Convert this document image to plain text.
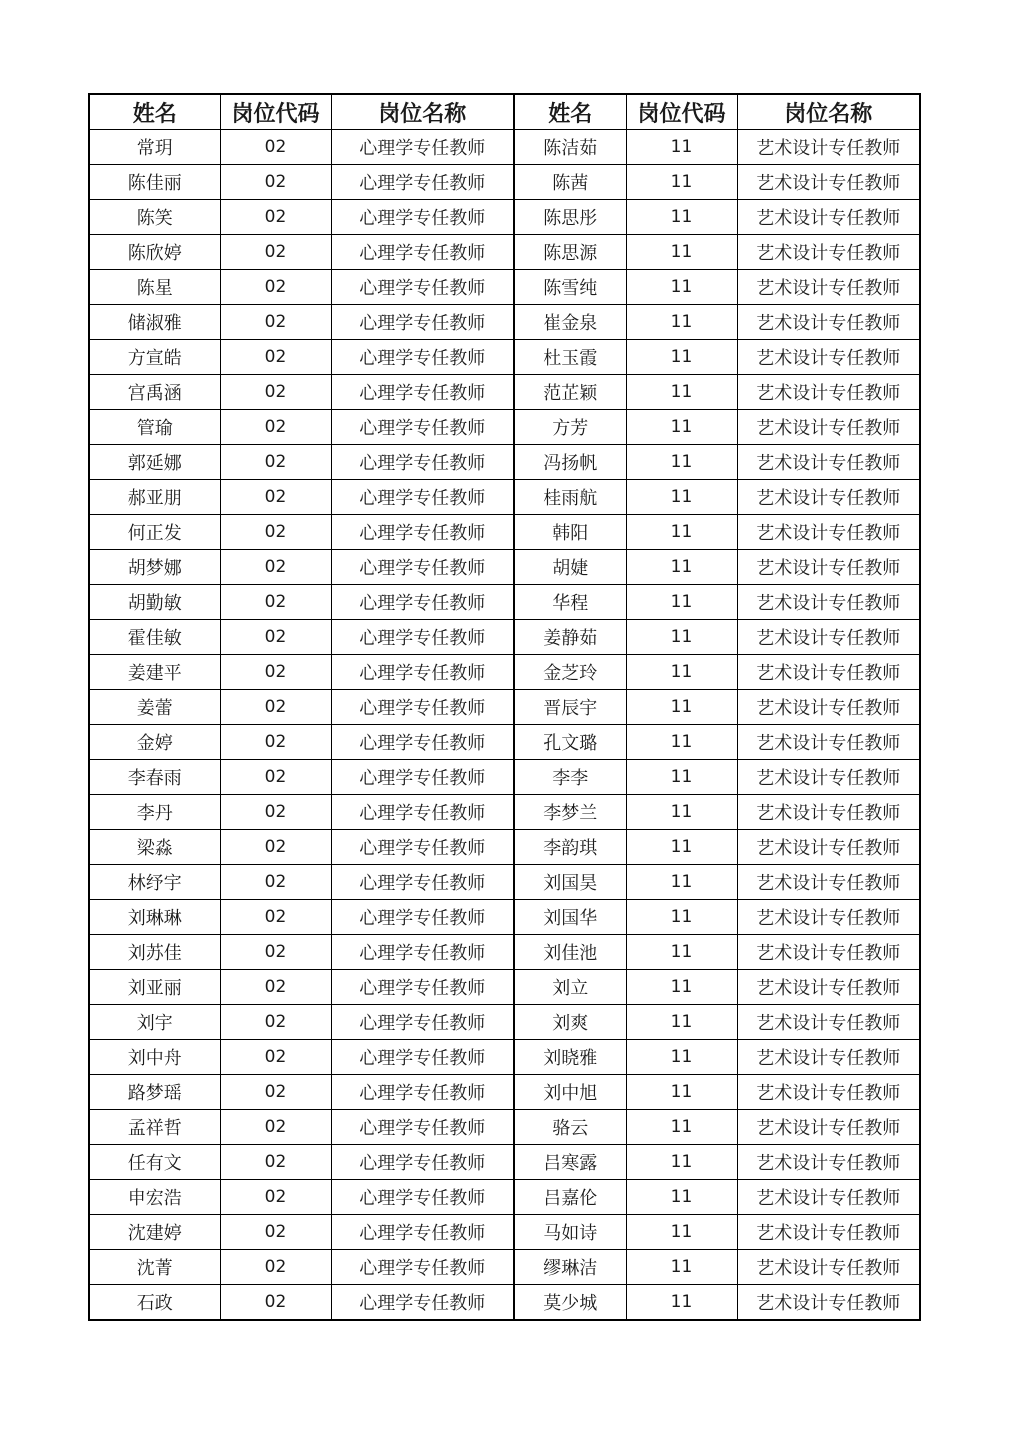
姓名	岗位代码	岗位名称	姓名	岗位代码	岗位名称
常玥	02	心理学专任教师	陈洁茹	11	艺术设计专任教师
陈佳丽	02	心理学专任教师	陈茜	11	艺术设计专任教师
陈笑	02	心理学专任教师	陈思彤	11	艺术设计专任教师
陈欣婷	02	心理学专任教师	陈思源	11	艺术设计专任教师
陈星	02	心理学专任教师	陈雪纯	11	艺术设计专任教师
储淑雅	02	心理学专任教师	崔金泉	11	艺术设计专任教师
方宣皓	02	心理学专任教师	杜玉霞	11	艺术设计专任教师
宫禹涵	02	心理学专任教师	范芷颖	11	艺术设计专任教师
管瑜	02	心理学专任教师	方芳	11	艺术设计专任教师
郭延娜	02	心理学专任教师	冯扬帆	11	艺术设计专任教师
郝亚朋	02	心理学专任教师	桂雨航	11	艺术设计专任教师
何正发	02	心理学专任教师	韩阳	11	艺术设计专任教师
胡梦娜	02	心理学专任教师	胡婕	11	艺术设计专任教师
胡勤敏	02	心理学专任教师	华程	11	艺术设计专任教师
霍佳敏	02	心理学专任教师	姜静茹	11	艺术设计专任教师
姜建平	02	心理学专任教师	金芝玲	11	艺术设计专任教师
姜蕾	02	心理学专任教师	晋辰宇	11	艺术设计专任教师
金婷	02	心理学专任教师	孔文璐	11	艺术设计专任教师
李春雨	02	心理学专任教师	李李	11	艺术设计专任教师
李丹	02	心理学专任教师	李梦兰	11	艺术设计专任教师
梁淼	02	心理学专任教师	李韵琪	11	艺术设计专任教师
林纾宇	02	心理学专任教师	刘国昊	11	艺术设计专任教师
刘琳琳	02	心理学专任教师	刘国华	11	艺术设计专任教师
刘苏佳	02	心理学专任教师	刘佳池	11	艺术设计专任教师
刘亚丽	02	心理学专任教师	刘立	11	艺术设计专任教师
刘宇	02	心理学专任教师	刘爽	11	艺术设计专任教师
刘中舟	02	心理学专任教师	刘晓雅	11	艺术设计专任教师
路梦瑶	02	心理学专任教师	刘中旭	11	艺术设计专任教师
孟祥哲	02	心理学专任教师	骆云	11	艺术设计专任教师
任有文	02	心理学专任教师	吕寒露	11	艺术设计专任教师
申宏浩	02	心理学专任教师	吕嘉伦	11	艺术设计专任教师
沈建婷	02	心理学专任教师	马如诗	11	艺术设计专任教师
沈菁	02	心理学专任教师	缪琳洁	11	艺术设计专任教师
石政	02	心理学专任教师	莫少城	11	艺术设计专任教师
